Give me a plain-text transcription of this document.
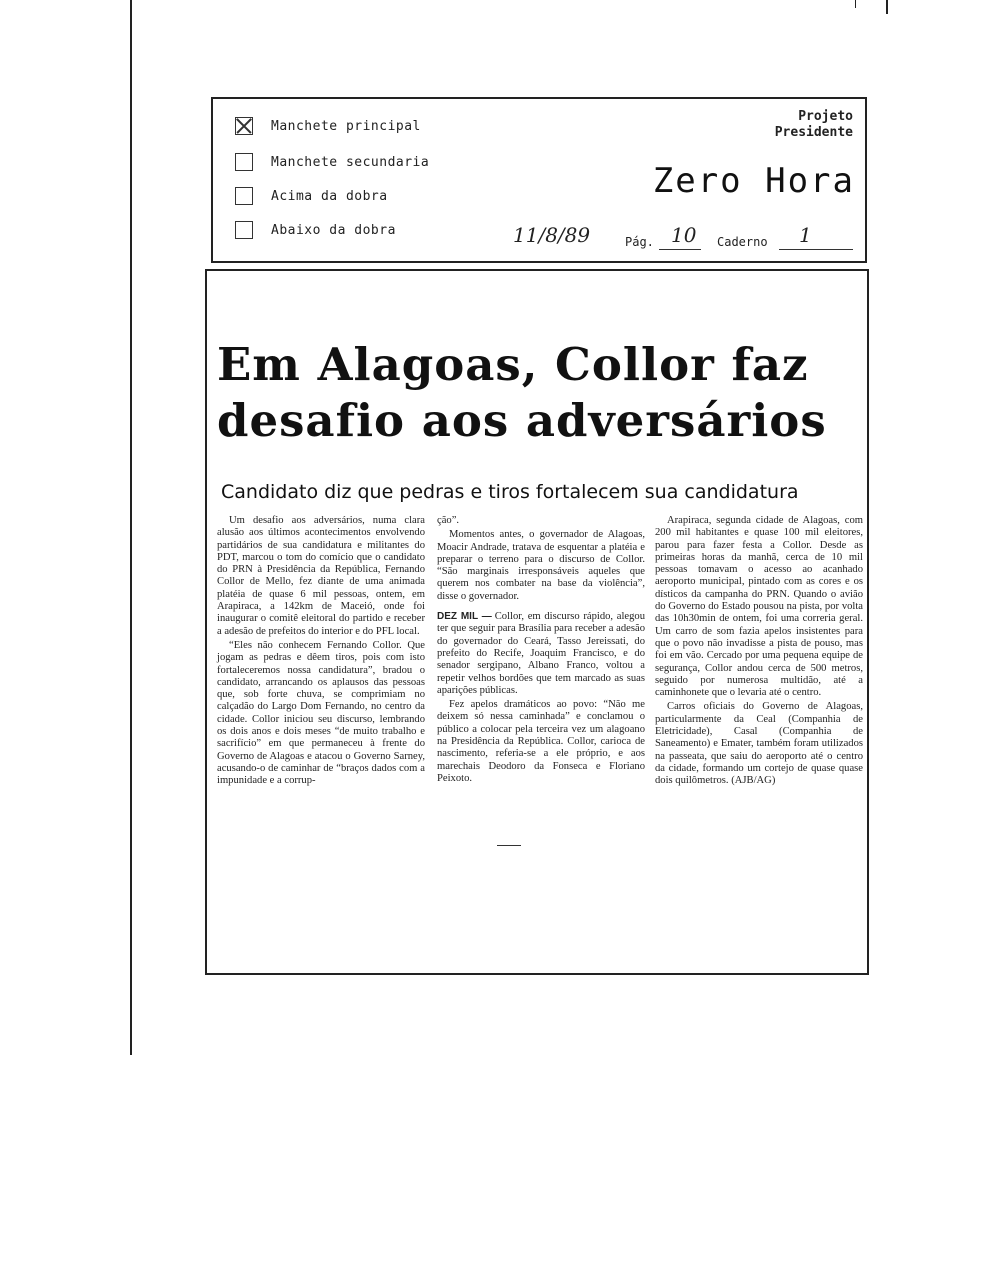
Manchete principal
Manchete secundaria
Acima da dobra
Abaixo da dobra
Projeto
Presidente
Zero Hora
11/8/89	Pág. 10 Caderno 1
Em Alagoas, Collor faz
desafio aos adversários

Candidato diz que pedras e tiros fortalecem sua candidatura

Um desafio aos adversários, numa clara alusão aos últimos acontecimentos envolvendo partidários de sua candidatura e militantes do PDT, marcou o tom do comício que o candidato do PRN à Presidência da República, Fernando Collor de Mello, fez diante de uma animada platéia de quase 6 mil pessoas, ontem, em Arapiraca, a 142km de Maceió, onde foi inaugurar o comitê eleitoral do partido e receber a adesão de prefeitos do interior e do PFL local.

“Eles não conhecem Fernando Collor. Que jogam as pedras e dêem tiros, pois com isto fortaleceremos nossa candidatura”, bradou o candidato, arrancando os aplausos das pessoas que, sob forte chuva, se comprimiam no calçadão do Largo Dom Fernando, no centro da cidade. Collor iniciou seu discurso, lembrando os dois anos e dois meses “de muito trabalho e sacrifício” em que permaneceu à frente do Governo de Alagoas e atacou o Governo Sarney, acusando-o de caminhar de “braços dados com a impunidade e a corrup-

ção”.

Momentos antes, o governador de Alagoas, Moacir Andrade, tratava de esquentar a platéia e preparar o terreno para o discurso de Collor. “São marginais irresponsáveis aqueles que querem nos combater na base da violência”, disse o governador.

DEZ MIL — Collor, em discurso rápido, alegou ter que seguir para Brasília para receber a adesão do governador do Ceará, Tasso Jereissati, do prefeito do Recife, Joaquim Francisco, e do senador sergipano, Albano Franco, voltou a repetir velhos bordões que tem marcado as suas aparições públicas.

Fez apelos dramáticos ao povo: “Não me deixem só nessa caminhada” e conclamou o público a colocar pela terceira vez um alagoano na Presidência da República. Collor, carioca de nascimento, referia-se a ele próprio, e aos marechais Deodoro da Fonseca e Floriano Peixoto.

Arapiraca, segunda cidade de Alagoas, com 200 mil habitantes e quase 100 mil eleitores, parou para fazer festa a Collor. Desde as primeiras horas da manhã, cerca de 10 mil pessoas tomavam o acesso ao acanhado aeroporto municipal, pintado com as cores e os dísticos da campanha do PRN. Quando o avião do Governo do Estado pousou na pista, por volta das 10h30min de ontem, foi uma correria geral. Um carro de som fazia apelos insistentes para que o povo não invadisse a pista de pouso, mas foi em vão. Cercado por uma pequena equipe de segurança, Collor andou cerca de 500 metros, seguido por numerosa multidão, até a caminhonete que o levaria até o centro.

Carros oficiais do Governo de Alagoas, particularmente da Ceal (Companhia de Eletricidade), Casal (Companhia de Saneamento) e Emater, também foram utilizados na passeata, que saiu do aeroporto até o centro da cidade, formando um cortejo de quase quase dois quilômetros. (AJB/AG)
